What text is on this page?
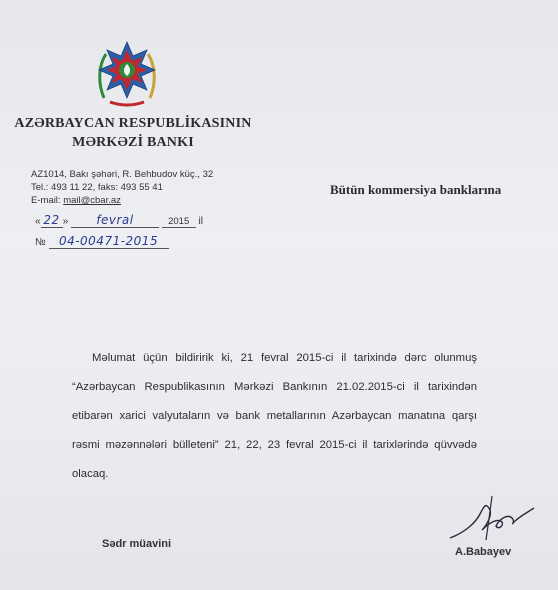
AZƏRBAYCAN RESPUBLİKASININ
MƏRKƏZİ BANKI
AZ1014, Bakı şəhəri, R. Behbudov küç., 32
Tel.: 493 11 22, faks: 493 55 41
E-mail: mail@cbar.az
« 22 » fevral	2015 il
№ 04-00471-2015
Bütün kommersiya banklarına

Məlumat üçün bildiririk ki, 21 fevral 2015-ci il tarixində dərc olunmuş “Azərbaycan Respublikasının Mərkəzi Bankının 21.02.2015-ci il tarixindən etibarən xarici valyutaların və bank metallarının Azərbaycan manatına qarşı rəsmi məzənnələri bülleteni” 21, 22, 23 fevral 2015-ci il tarixlərində qüvvədə olacaq.

Sədr müavini
A.Babayev
